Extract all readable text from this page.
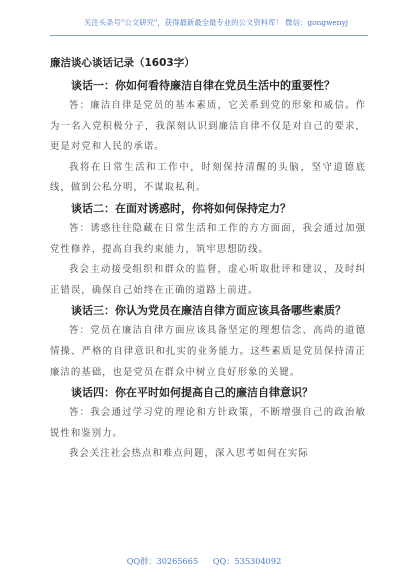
关注头条号"公文研究"，获得最新最全最专业的公文资料库！ 微信：gongwenyj

廉洁谈心谈话记录（1603字）

谈话一：你如何看待廉洁自律在党员生活中的重要性？

答：廉洁自律是党员的基本素质，它关系到党的形象和威信。作为一名入党积极分子，我深刻认识到廉洁自律不仅是对自己的要求，更是对党和人民的承诺。

我将在日常生活和工作中，时刻保持清醒的头脑，坚守道德底线，做到公私分明，不谋取私利。

谈话二：在面对诱惑时，你将如何保持定力？

答：诱惑往往隐藏在日常生活和工作的方方面面，我会通过加强党性修养，提高自我约束能力，筑牢思想防线。

我会主动接受组织和群众的监督，虚心听取批评和建议，及时纠正错误，确保自己始终在正确的道路上前进。

谈话三：你认为党员在廉洁自律方面应该具备哪些素质？

答：党员在廉洁自律方面应该具备坚定的理想信念、高尚的道德情操、严格的自律意识和扎实的业务能力。这些素质是党员保持清正廉洁的基础，也是党员在群众中树立良好形象的关键。

谈话四：你在平时如何提高自己的廉洁自律意识？

答：我会通过学习党的理论和方针政策，不断增强自己的政治敏锐性和鉴别力。

我会关注社会热点和难点问题，深入思考如何在实际

QQ群：30265665 QQ：535304092
